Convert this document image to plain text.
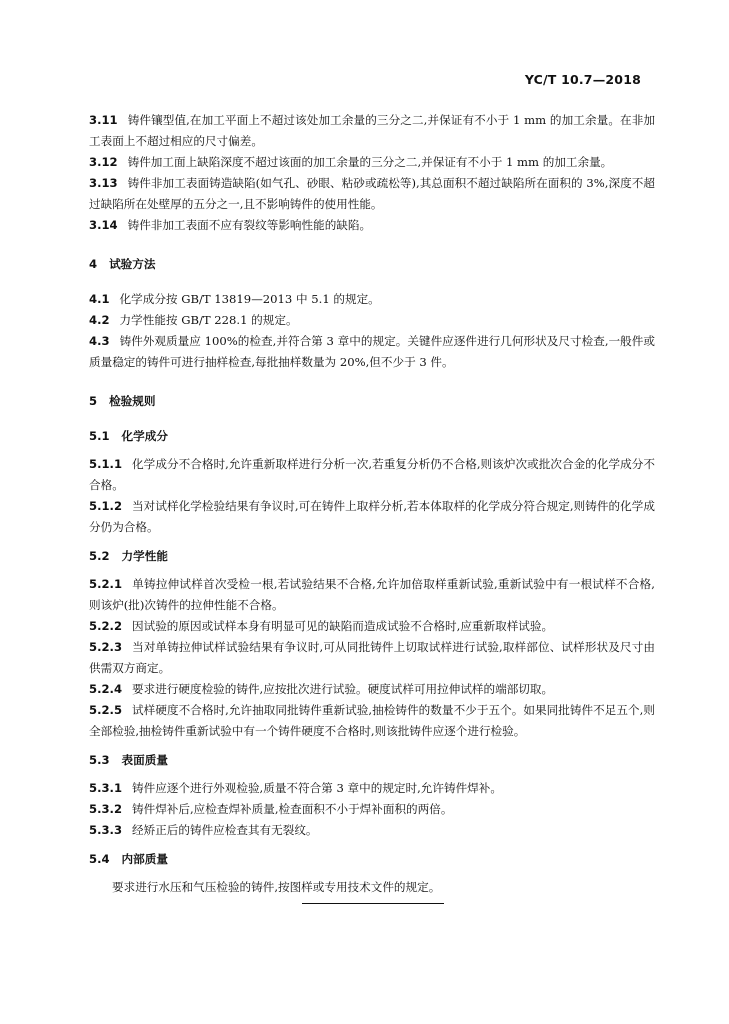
YC/T 10.7—2018

3.11 铸件镶型值,在加工平面上不超过该处加工余量的三分之二,并保证有不小于 1 mm 的加工余量。在非加工表面上不超过相应的尺寸偏差。

3.12 铸件加工面上缺陷深度不超过该面的加工余量的三分之二,并保证有不小于 1 mm 的加工余量。

3.13 铸件非加工表面铸造缺陷(如气孔、砂眼、粘砂或疏松等),其总面积不超过缺陷所在面积的 3%,深度不超过缺陷所在处壁厚的五分之一,且不影响铸件的使用性能。

3.14 铸件非加工表面不应有裂纹等影响性能的缺陷。

4 试验方法

4.1 化学成分按 GB/T 13819—2013 中 5.1 的规定。

4.2 力学性能按 GB/T 228.1 的规定。

4.3 铸件外观质量应 100%的检查,并符合第 3 章中的规定。关键件应逐件进行几何形状及尺寸检查,一般件或质量稳定的铸件可进行抽样检查,每批抽样数量为 20%,但不少于 3 件。

5 检验规则
5.1 化学成分

5.1.1 化学成分不合格时,允许重新取样进行分析一次,若重复分析仍不合格,则该炉次或批次合金的化学成分不合格。

5.1.2 当对试样化学检验结果有争议时,可在铸件上取样分析,若本体取样的化学成分符合规定,则铸件的化学成分仍为合格。

5.2 力学性能

5.2.1 单铸拉伸试样首次受检一根,若试验结果不合格,允许加倍取样重新试验,重新试验中有一根试样不合格,则该炉(批)次铸件的拉伸性能不合格。

5.2.2 因试验的原因或试样本身有明显可见的缺陷而造成试验不合格时,应重新取样试验。

5.2.3 当对单铸拉伸试样试验结果有争议时,可从同批铸件上切取试样进行试验,取样部位、试样形状及尺寸由供需双方商定。

5.2.4 要求进行硬度检验的铸件,应按批次进行试验。硬度试样可用拉伸试样的端部切取。

5.2.5 试样硬度不合格时,允许抽取同批铸件重新试验,抽检铸件的数量不少于五个。如果同批铸件不足五个,则全部检验,抽检铸件重新试验中有一个铸件硬度不合格时,则该批铸件应逐个进行检验。

5.3 表面质量

5.3.1 铸件应逐个进行外观检验,质量不符合第 3 章中的规定时,允许铸件焊补。

5.3.2 铸件焊补后,应检查焊补质量,检查面积不小于焊补面积的两倍。

5.3.3 经矫正后的铸件应检查其有无裂纹。

5.4 内部质量

要求进行水压和气压检验的铸件,按图样或专用技术文件的规定。
